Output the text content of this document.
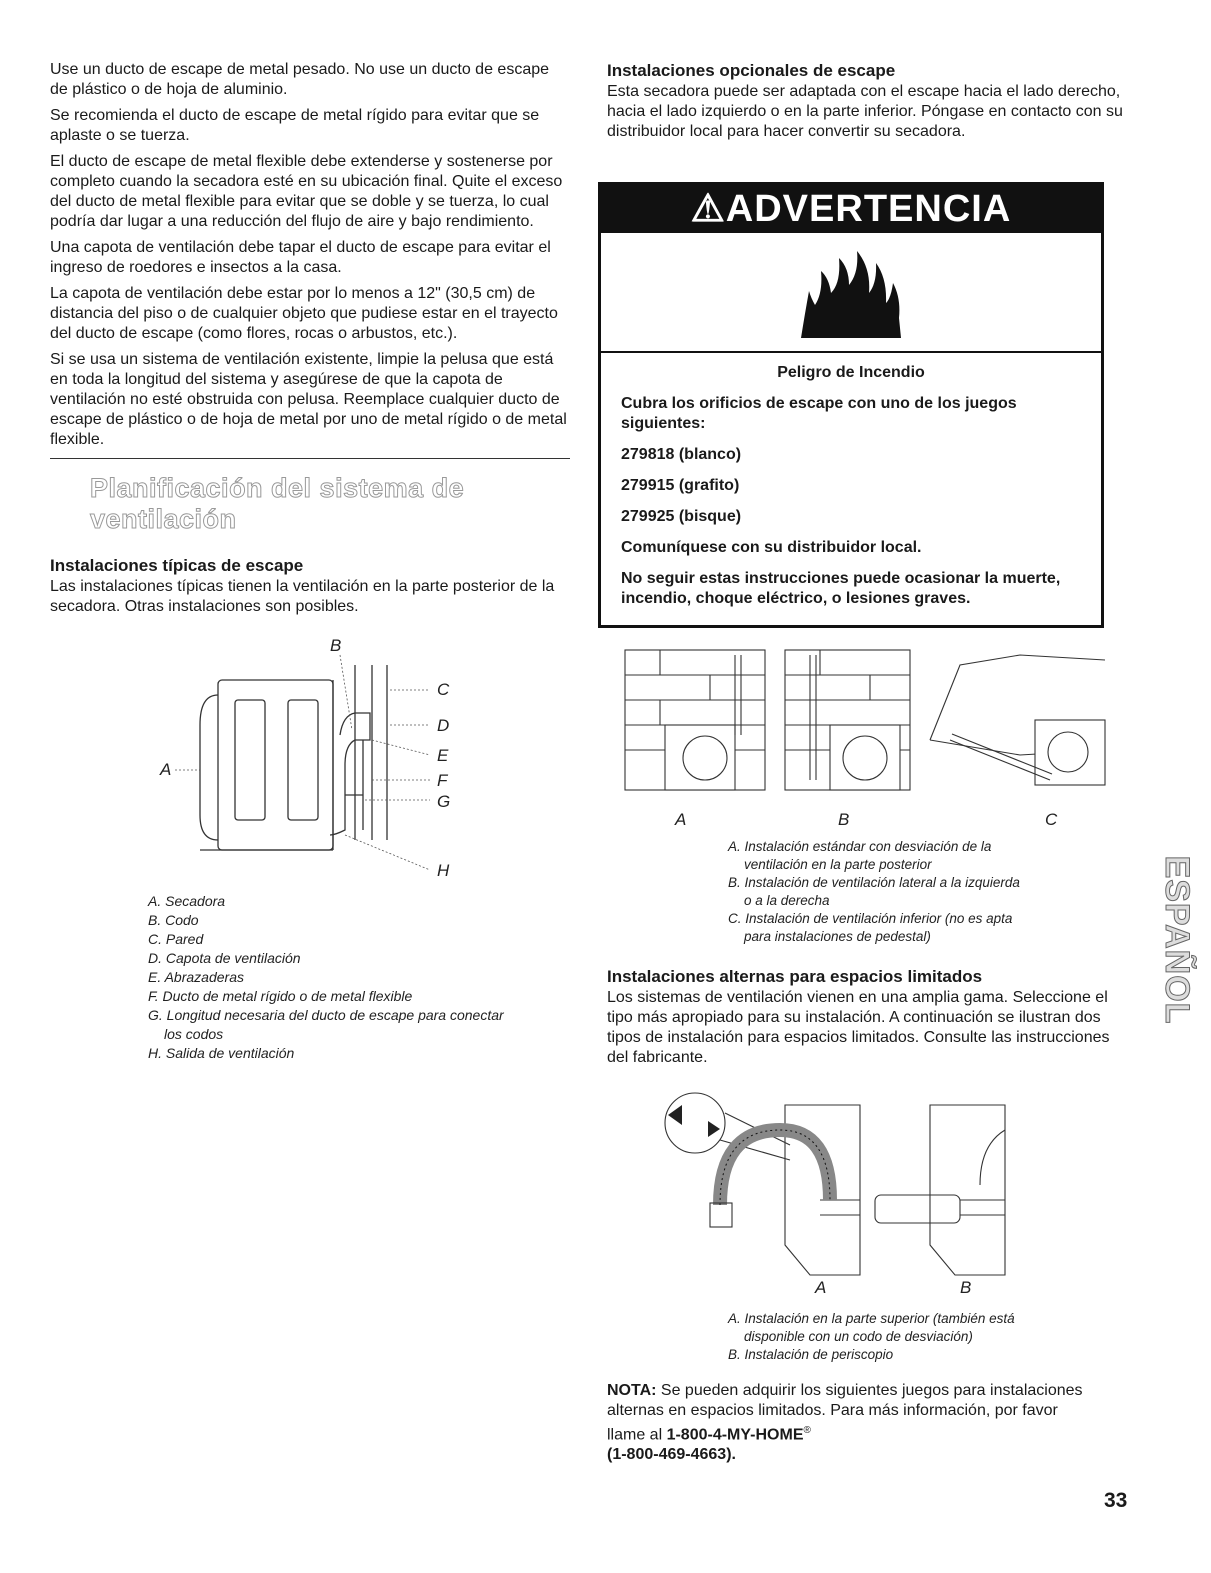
Use un ducto de escape de metal pesado. No use un ducto de escape de plástico o de hoja de aluminio.

Se recomienda el ducto de escape de metal rígido para evitar que se aplaste o se tuerza.

El ducto de escape de metal flexible debe extenderse y sostenerse por completo cuando la secadora esté en su ubicación final. Quite el exceso del ducto de metal flexible para evitar que se doble y se tuerza, lo cual podría dar lugar a una reducción del flujo de aire y bajo rendimiento.

Una capota de ventilación debe tapar el ducto de escape para evitar el ingreso de roedores e insectos a la casa.

La capota de ventilación debe estar por lo menos a 12" (30,5 cm) de distancia del piso o de cualquier objeto que pudiese estar en el trayecto del ducto de escape (como flores, rocas o arbustos, etc.).

Si se usa un sistema de ventilación existente, limpie la pelusa que está en toda la longitud del sistema y asegúrese de que la capota de ventilación no esté obstruida con pelusa. Reemplace cualquier ducto de escape de plástico o de hoja de metal por uno de metal rígido o de metal flexible.

Planificación del sistema de ventilación
Instalaciones típicas de escape

Las instalaciones típicas tienen la ventilación en la parte posterior de la secadora. Otras instalaciones son posibles.

A
B
C
D
E
F
G
H
A. Secadora
B. Codo
C. Pared
D. Capota de ventilación
E. Abrazaderas
F. Ducto de metal rígido o de metal flexible
G. Longitud necesaria del ducto de escape para conectar
los codos
H. Salida de ventilación
Instalaciones opcionales de escape

Esta secadora puede ser adaptada con el escape hacia el lado derecho, hacia el lado izquierdo o en la parte inferior. Póngase en contacto con su distribuidor local para hacer convertir su secadora.

⚠ADVERTENCIA
Peligro de Incendio
Cubra los orificios de escape con uno de los juegos siguientes:
279818 (blanco)
279915 (grafito)
279925 (bisque)
Comuníquese con su distribuidor local.
No seguir estas instrucciones puede ocasionar la muerte, incendio, choque eléctrico, o lesiones graves.
A	B	C
A. Instalación estándar con desviación de la
ventilación en la parte posterior
B. Instalación de ventilación lateral a la izquierda
o a la derecha
C. Instalación de ventilación inferior (no es apta
para instalaciones de pedestal)
Instalaciones alternas para espacios limitados

Los sistemas de ventilación vienen en una amplia gama. Seleccione el tipo más apropiado para su instalación. A continuación se ilustran dos tipos de instalación para espacios limitados. Consulte las instrucciones del fabricante.

A	B
A. Instalación en la parte superior (también está
disponible con un codo de desviación)
B. Instalación de periscopio
NOTA: Se pueden adquirir los siguientes juegos para instalaciones alternas en espacios limitados. Para más información, por favor llame al 1-800-4-MY-HOME®
(1-800-469-4663).
ESPAÑOL
33
